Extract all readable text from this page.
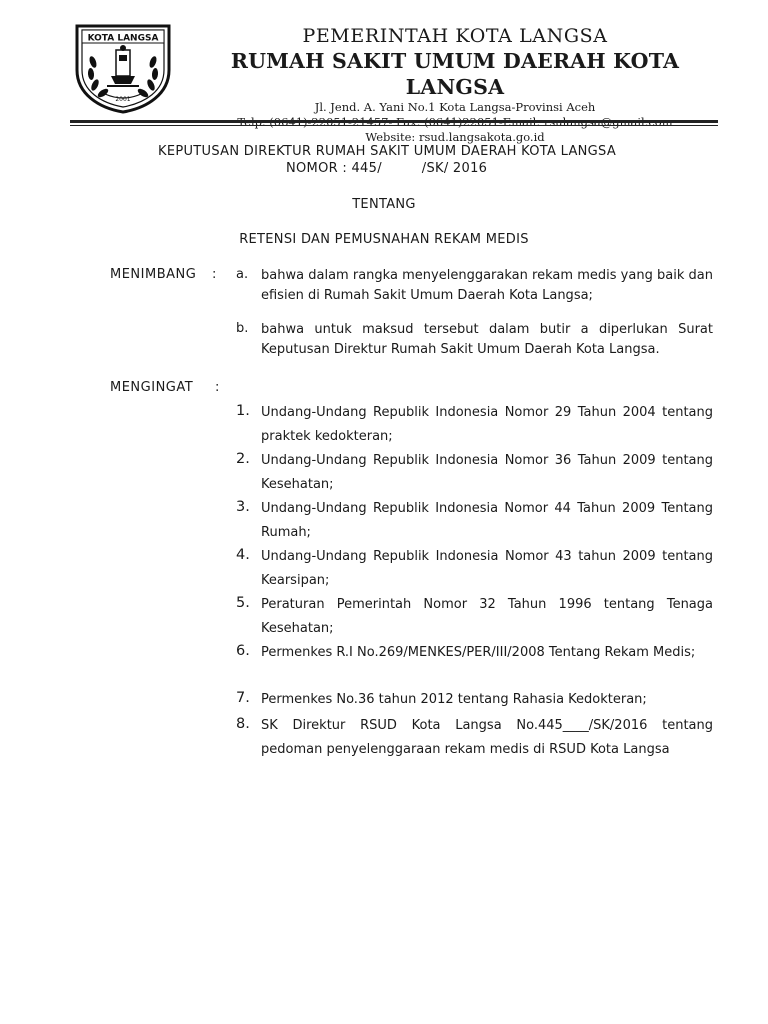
KOTA LANGSA
2001
PEMERINTAH KOTA LANGSA
RUMAH SAKIT UMUM DAERAH KOTA LANGSA
Jl. Jend. A. Yani No.1 Kota Langsa-Provinsi Aceh
Website: rsud.langsakota.go.id
KEPUTUSAN DIREKTUR RUMAH SAKIT UMUM DAERAH KOTA LANGSA
NOMOR : 445/         /SK/ 2016
TENTANG
RETENSI DAN PEMUSNAHAN REKAM MEDIS
MENIMBANG : a. bahwa dalam rangka menyelenggarakan rekam medis yang baik dan efisien di Rumah Sakit Umum Daerah Kota Langsa;
b. bahwa untuk maksud tersebut dalam butir a diperlukan Surat Keputusan Direktur Rumah Sakit Umum Daerah Kota Langsa.
MENGINGAT :
1. Undang-Undang Republik Indonesia Nomor 29 Tahun 2004 tentang praktek kedokteran;
2. Undang-Undang Republik Indonesia Nomor 36 Tahun 2009 tentang Kesehatan;
3. Undang-Undang Republik Indonesia Nomor 44 Tahun 2009 Tentang Rumah;
4. Undang-Undang Republik Indonesia Nomor 43 tahun 2009 tentang Kearsipan;
5. Peraturan Pemerintah Nomor 32 Tahun 1996 tentang Tenaga Kesehatan;
6. Permenkes R.I No.269/MENKES/PER/III/2008 Tentang Rekam Medis;
7. Permenkes No.36 tahun 2012 tentang Rahasia Kedokteran;
8. SK Direktur RSUD Kota Langsa No.445____/SK/2016 tentang pedoman penyelenggaraan rekam medis di RSUD Kota Langsa
